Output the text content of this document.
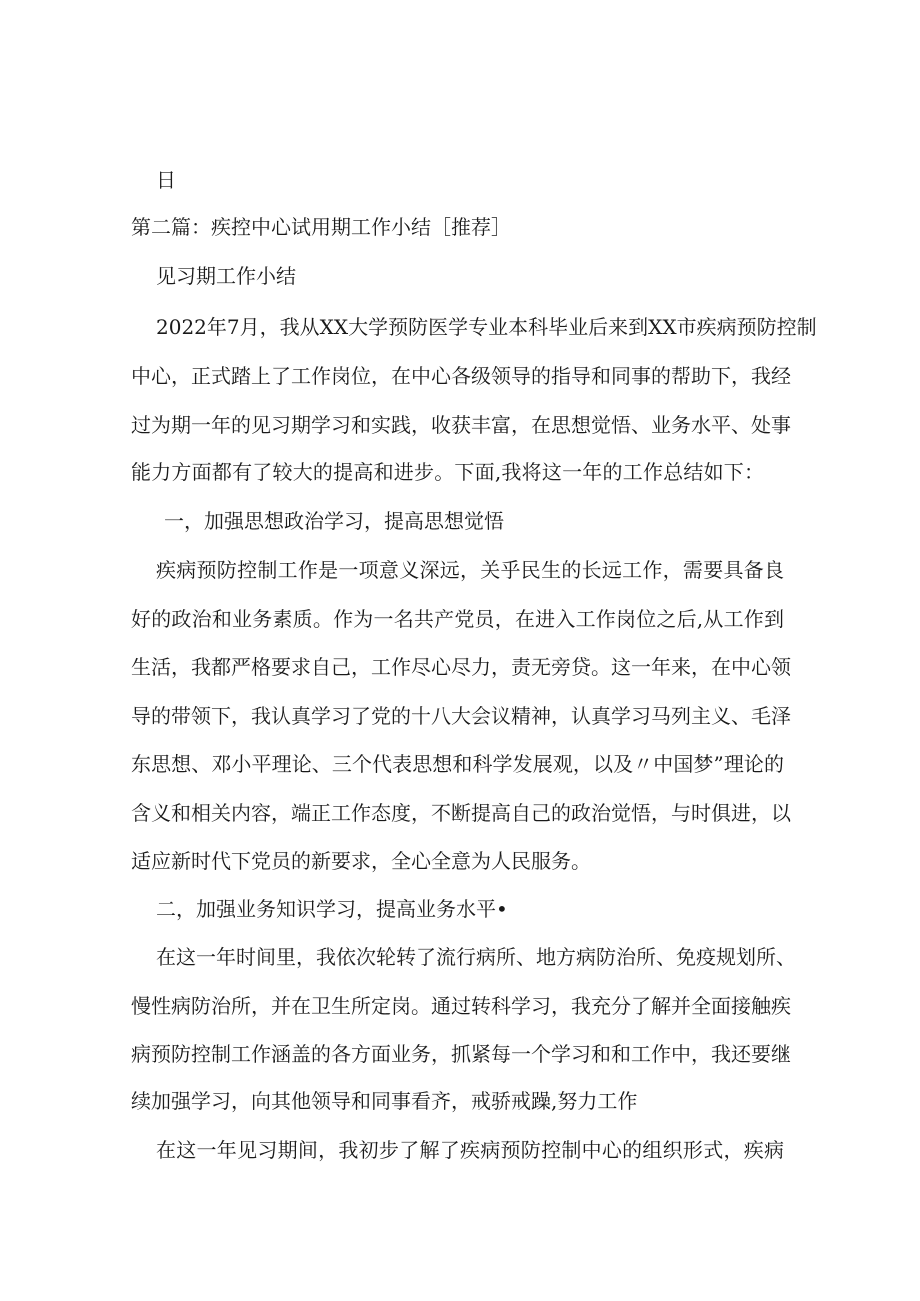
日
第二篇：疾控中心试用期工作小结［推荐］
见习期工作小结
2022年7月，我从XX大学预防医学专业本科毕业后来到XX市疾病预防控制
中心，正式踏上了工作岗位，在中心各级领导的指导和同事的帮助下，我经
过为期一年的见习期学习和实践，收获丰富，在思想觉悟、业务水平、处事
能力方面都有了较大的提高和进步。下面,我将这一年的工作总结如下：
一，加强思想政治学习，提高思想觉悟
疾病预防控制工作是一项意义深远，关乎民生的长远工作，需要具备良
好的政治和业务素质。作为一名共产党员，在进入工作岗位之后,从工作到
生活，我都严格要求自己，工作尽心尽力，责无旁贷。这一年来，在中心领
导的带领下，我认真学习了党的十八大会议精神，认真学习马列主义、毛泽
东思想、邓小平理论、三个代表思想和科学发展观，以及〃中国梦”理论的
含义和相关内容，端正工作态度，不断提高自己的政治觉悟，与时俱进，以
适应新时代下党员的新要求，全心全意为人民服务。
二，加强业务知识学习，提高业务水平•
在这一年时间里，我依次轮转了流行病所、地方病防治所、免疫规划所、
慢性病防治所，并在卫生所定岗。通过转科学习，我充分了解并全面接触疾
病预防控制工作涵盖的各方面业务，抓紧每一个学习和和工作中，我还要继
续加强学习，向其他领导和同事看齐，戒骄戒躁,努力工作
在这一年见习期间，我初步了解了疾病预防控制中心的组织形式，疾病
